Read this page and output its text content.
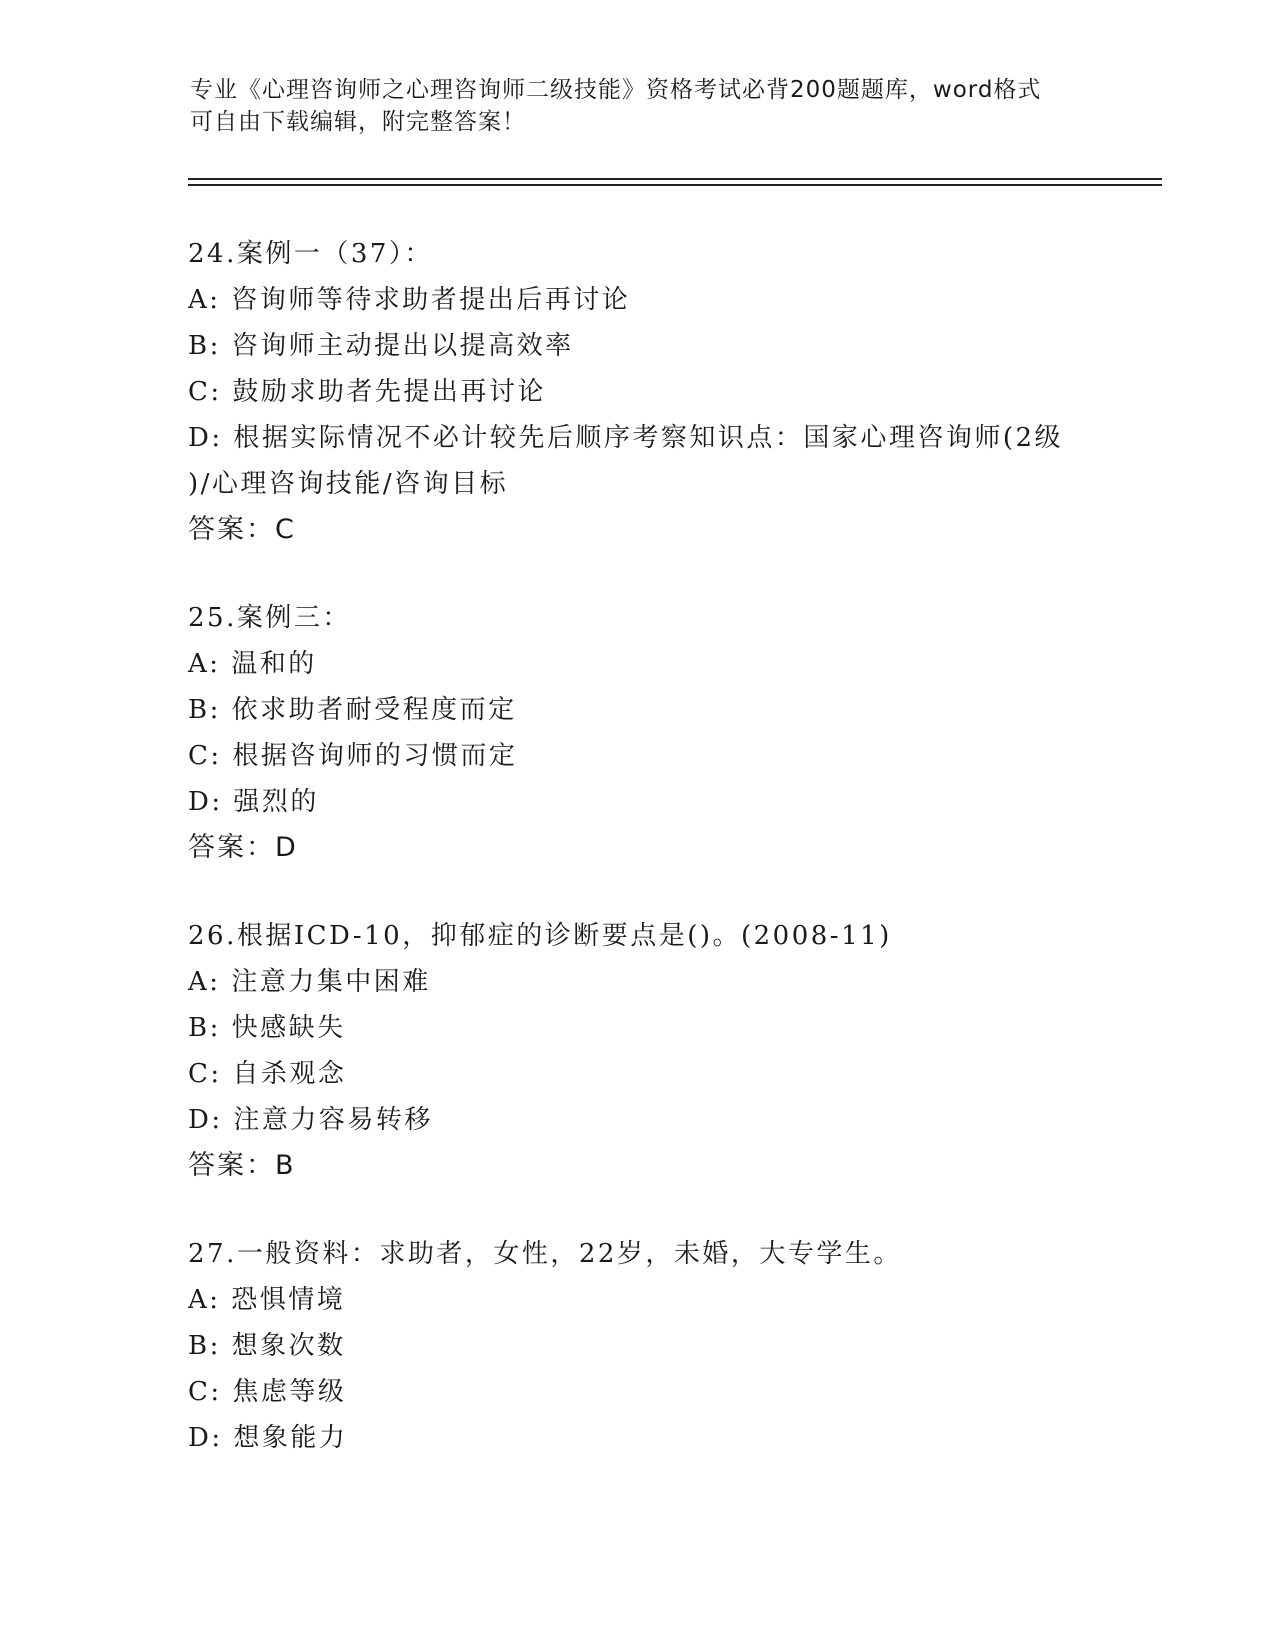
专业《心理咨询师之心理咨询师二级技能》资格考试必背200题题库，word格式
可自由下载编辑，附完整答案！
24.案例一（37）：
A: 咨询师等待求助者提出后再讨论
B: 咨询师主动提出以提高效率
C: 鼓励求助者先提出再讨论
D: 根据实际情况不必计较先后顺序考察知识点：国家心理咨询师(2级
)/心理咨询技能/咨询目标
答案：C
25.案例三：
A: 温和的
B: 依求助者耐受程度而定
C: 根据咨询师的习惯而定
D: 强烈的
答案：D
26.根据ICD-10，抑郁症的诊断要点是()。(2008-11)
A: 注意力集中困难
B: 快感缺失
C: 自杀观念
D: 注意力容易转移
答案：B
27.一般资料：求助者，女性，22岁，未婚，大专学生。
A: 恐惧情境
B: 想象次数
C: 焦虑等级
D: 想象能力
